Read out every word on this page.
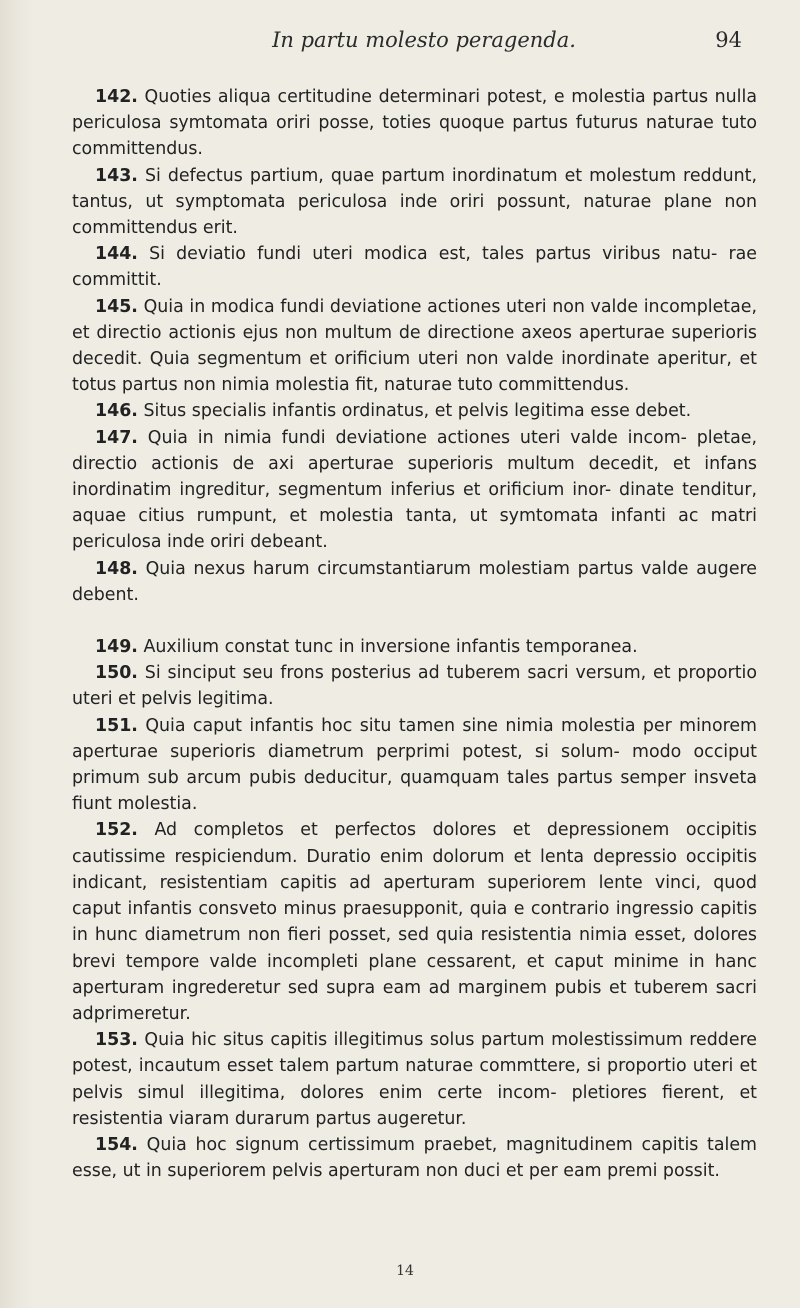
In partu molesto peragenda.	94

142. Quoties aliqua certitudine determinari potest, e molestia partus nulla periculosa symtomata oriri posse, toties quoque partus futurus naturae tuto committendus.

143. Si defectus partium, quae partum inordinatum et molestum reddunt, tantus, ut symptomata periculosa inde oriri possunt, naturae plane non committendus erit.

144. Si deviatio fundi uteri modica est, tales partus viribus natu- rae committit.

145. Quia in modica fundi deviatione actiones uteri non valde incompletae, et directio actionis ejus non multum de directione axeos aperturae superioris decedit. Quia segmentum et orificium uteri non valde inordinate aperitur, et totus partus non nimia molestia fit, naturae tuto committendus.

146. Situs specialis infantis ordinatus, et pelvis legitima esse debet.

147. Quia in nimia fundi deviatione actiones uteri valde incom- pletae, directio actionis de axi aperturae superioris multum decedit, et infans inordinatim ingreditur, segmentum inferius et orificium inor- dinate tenditur, aquae citius rumpunt, et molestia tanta, ut symtomata infanti ac matri periculosa inde oriri debeant.

148. Quia nexus harum circumstantiarum molestiam partus valde augere debent.

149. Auxilium constat tunc in inversione infantis temporanea.

150. Si sinciput seu frons posterius ad tuberem sacri versum, et proportio uteri et pelvis legitima.

151. Quia caput infantis hoc situ tamen sine nimia molestia per minorem aperturae superioris diametrum perprimi potest, si solum- modo occiput primum sub arcum pubis deducitur, quamquam tales partus semper insveta fiunt molestia.

152. Ad completos et perfectos dolores et depressionem occipitis cautissime respiciendum. Duratio enim dolorum et lenta depressio occipitis indicant, resistentiam capitis ad aperturam superiorem lente vinci, quod caput infantis consveto minus praesupponit, quia e contrario ingressio capitis in hunc diametrum non fieri posset, sed quia resistentia nimia esset, dolores brevi tempore valde incompleti plane cessarent, et caput minime in hanc aperturam ingrederetur sed supra eam ad marginem pubis et tuberem sacri adprimeretur.

153. Quia hic situs capitis illegitimus solus partum molestissimum reddere potest, incautum esset talem partum naturae commttere, si proportio uteri et pelvis simul illegitima, dolores enim certe incom- pletiores fierent, et resistentia viaram durarum partus augeretur.

154. Quia hoc signum certissimum praebet, magnitudinem capitis talem esse, ut in superiorem pelvis aperturam non duci et per eam premi possit.

14
